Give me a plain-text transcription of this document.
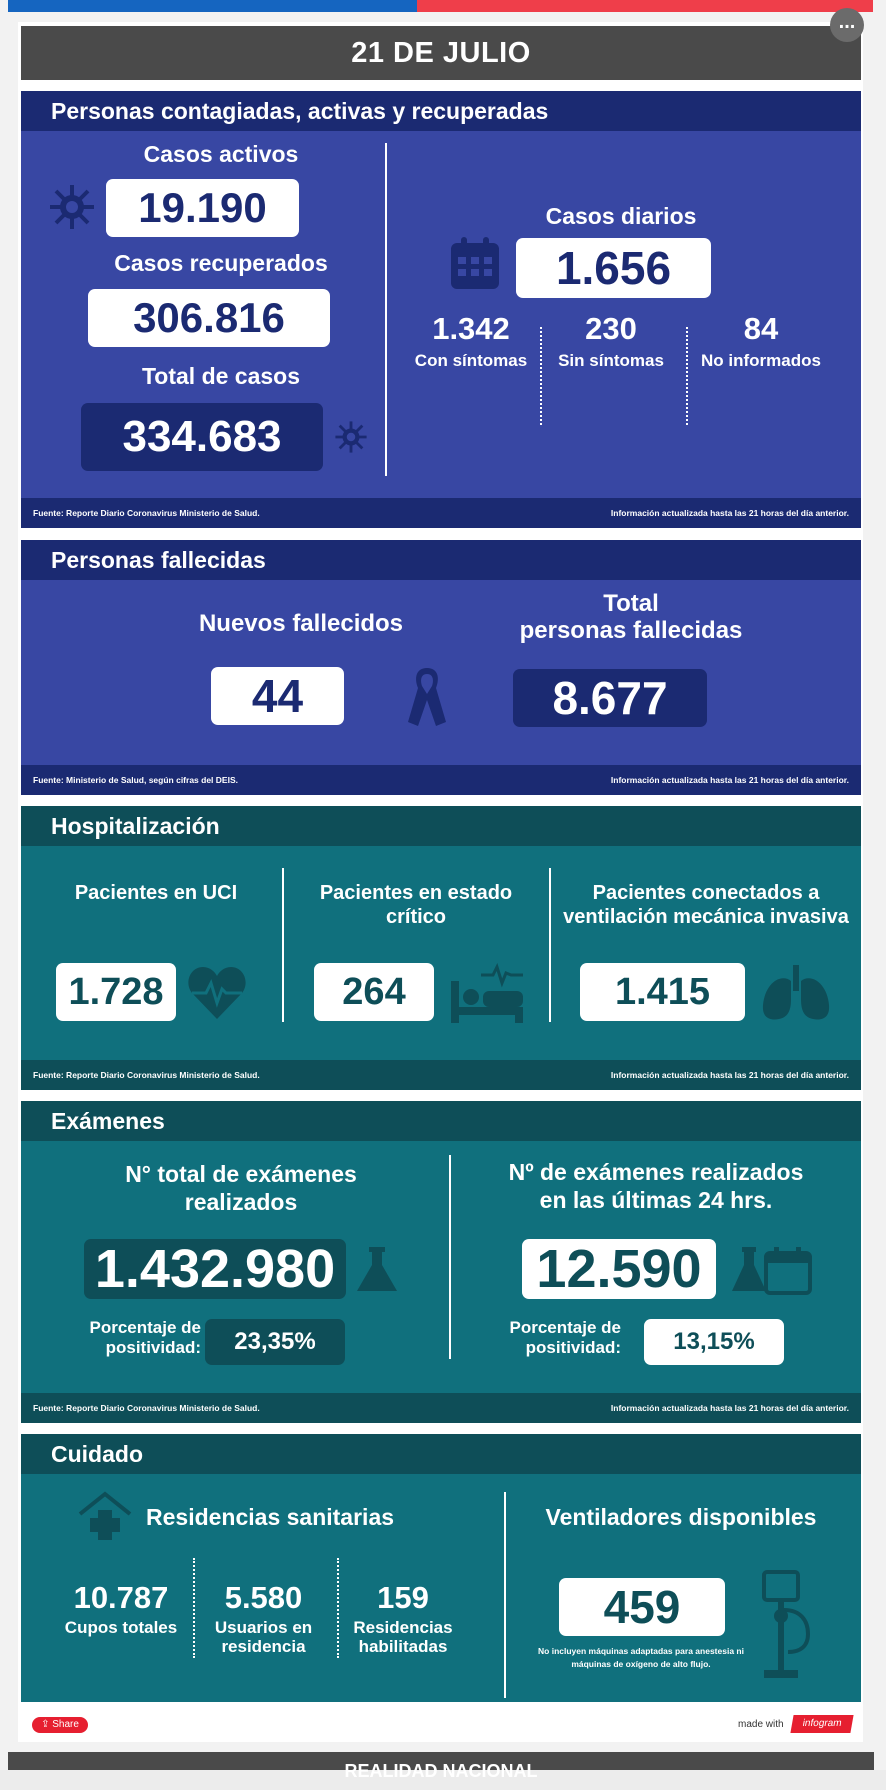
21 DE JULIO
...
Personas contagiadas, activas y recuperadas
Casos activos
19.190
Casos recuperados
306.816
Total de casos
334.683
Casos diarios
1.656
1.342
Con síntomas
230
Sin síntomas
84
No informados
Fuente: Reporte Diario Coronavirus Ministerio de Salud.	Información actualizada hasta las 21 horas del día anterior.
Personas fallecidas
Nuevos fallecidos
44
Total
personas fallecidas
8.677
Fuente: Ministerio de Salud, según cifras del DEIS.	Información actualizada hasta las 21 horas del día anterior.
Hospitalización
Pacientes en UCI
1.728
Pacientes en estado
crítico
264
Pacientes conectados a
ventilación mecánica invasiva
1.415
Fuente: Reporte Diario Coronavirus Ministerio de Salud.	Información actualizada hasta las 21 horas del día anterior.
Exámenes
N° total de exámenes
realizados
1.432.980
Porcentaje de
positividad:	23,35%
Nº de exámenes realizados
en las últimas 24 hrs.
12.590
Porcentaje de
positividad:	13,15%
Fuente: Reporte Diario Coronavirus Ministerio de Salud.	Información actualizada hasta las 21 horas del día anterior.
Cuidado
Residencias sanitarias
10.787
Cupos totales
5.580
Usuarios en
residencia
159
Residencias
habilitadas
Ventiladores disponibles
459
No incluyen máquinas adaptadas para anestesia ni
máquinas de oxígeno de alto flujo.
⇪ Share	made with	infogram
REALIDAD NACIONAL
